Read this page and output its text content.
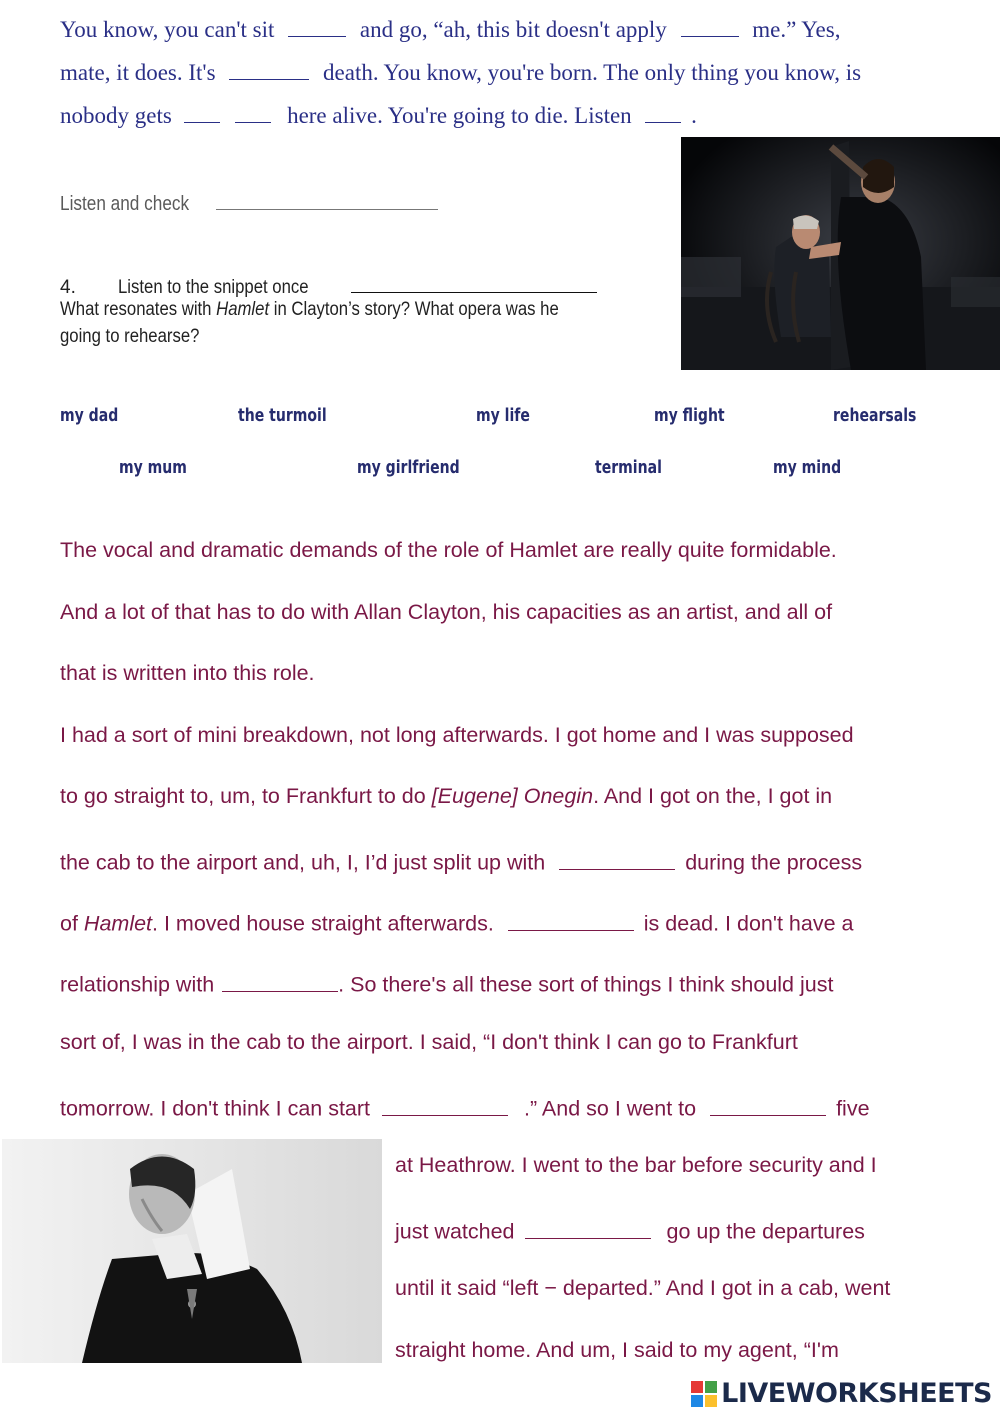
You know, you can't sit	and go, “ah, this bit doesn't apply	me.” Yes,
mate, it does. It's	death. You know, you're born. The only thing you know, is
nobody gets	here alive. You're going to die. Listen	.
Listen and check
4. Listen to the snippet once
What resonates with Hamlet in Clayton’s story? What opera was he
going to rehearse?
my dad	the turmoil	my life	my flight	rehearsals
my mum	my girlfriend	terminal	my mind
The vocal and dramatic demands of the role of Hamlet are really quite formidable.
And a lot of that has to do with Allan Clayton, his capacities as an artist, and all of
that is written into this role.
I had a sort of mini breakdown, not long afterwards. I got home and I was supposed
to go straight to, um, to Frankfurt to do [Eugene] Onegin. And I got on the, I got in
the cab to the airport and, uh, I, I’d just split up with	during the process
of Hamlet. I moved house straight afterwards.	is dead. I don't have a
relationship with	. So there's all these sort of things I think should just
sort of, I was in the cab to the airport. I said, “I don't think I can go to Frankfurt
tomorrow. I don't think I can start	.” And so I went to	five
at Heathrow. I went to the bar before security and I
just watched	go up the departures
until it said “left − departed.” And I got in a cab, went
straight home. And um, I said to my agent, “I'm
LIVEWORKSHEETS
